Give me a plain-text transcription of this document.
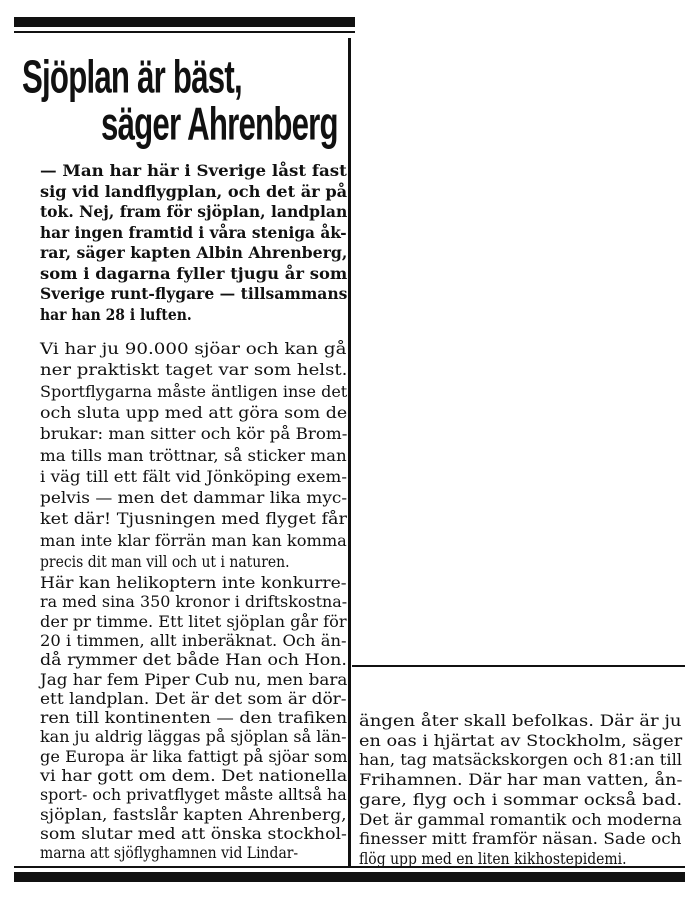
Sjöplan är bäst,
säger Ahrenberg
— Man har här i Sverige låst fast
sig vid landflygplan, och det är på
tok. Nej, fram för sjöplan, landplan
har ingen framtid i våra steniga åk-
rar, säger kapten Albin Ahrenberg,
som i dagarna fyller tjugu år som
Sverige runt-flygare — tillsammans
har han 28 i luften.
Vi har ju 90.000 sjöar och kan gå
ner praktiskt taget var som helst.
Sportflygarna måste äntligen inse det
och sluta upp med att göra som de
brukar: man sitter och kör på Brom-
ma tills man tröttnar, så sticker man
i väg till ett fält vid Jönköping exem-
pelvis — men det dammar lika myc-
ket där! Tjusningen med flyget får
man inte klar förrän man kan komma
precis dit man vill och ut i naturen.
Här kan helikoptern inte konkurre-
ra med sina 350 kronor i driftskostna-
der pr timme. Ett litet sjöplan går för
20 i timmen, allt inberäknat. Och än-
då rymmer det både Han och Hon.
Jag har fem Piper Cub nu, men bara
ett landplan. Det är det som är dör-
ren till kontinenten — den trafiken
kan ju aldrig läggas på sjöplan så län-
ge Europa är lika fattigt på sjöar som
vi har gott om dem. Det nationella
sport- och privatflyget måste alltså ha
sjöplan, fastslår kapten Ahrenberg,
som slutar med att önska stockhol-
marna att sjöflyghamnen vid Lindar-
ängen åter skall befolkas. Där är ju
en oas i hjärtat av Stockholm, säger
han, tag matsäckskorgen och 81:an till
Frihamnen. Där har man vatten, ån-
gare, flyg och i sommar också bad.
Det är gammal romantik och moderna
finesser mitt framför näsan. Sade och
flög upp med en liten kikhostepidemi.
